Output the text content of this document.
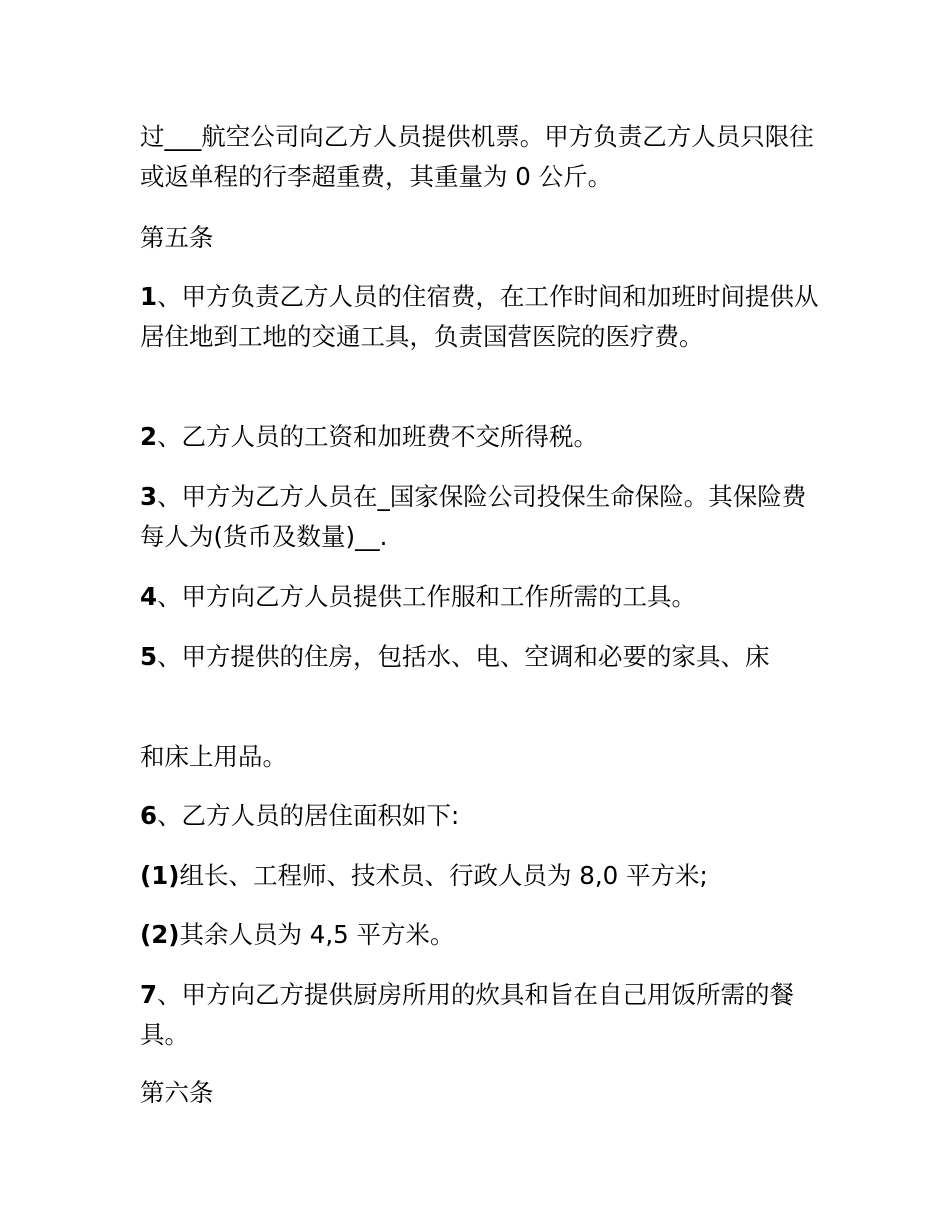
过___航空公司向乙方人员提供机票。甲方负责乙方人员只限往或返单程的行李超重费，其重量为 0 公斤。

第五条

1、甲方负责乙方人员的住宿费，在工作时间和加班时间提供从居住地到工地的交通工具，负责国营医院的医疗费。

2、乙方人员的工资和加班费不交所得税。

3、甲方为乙方人员在_国家保险公司投保生命保险。其保险费每人为(货币及数量)__.

4、甲方向乙方人员提供工作服和工作所需的工具。

5、甲方提供的住房，包括水、电、空调和必要的家具、床

和床上用品。

6、乙方人员的居住面积如下:

(1)组长、工程师、技术员、行政人员为 8,0 平方米;

(2)其余人员为 4,5 平方米。

7、甲方向乙方提供厨房所用的炊具和旨在自己用饭所需的餐具。

第六条
